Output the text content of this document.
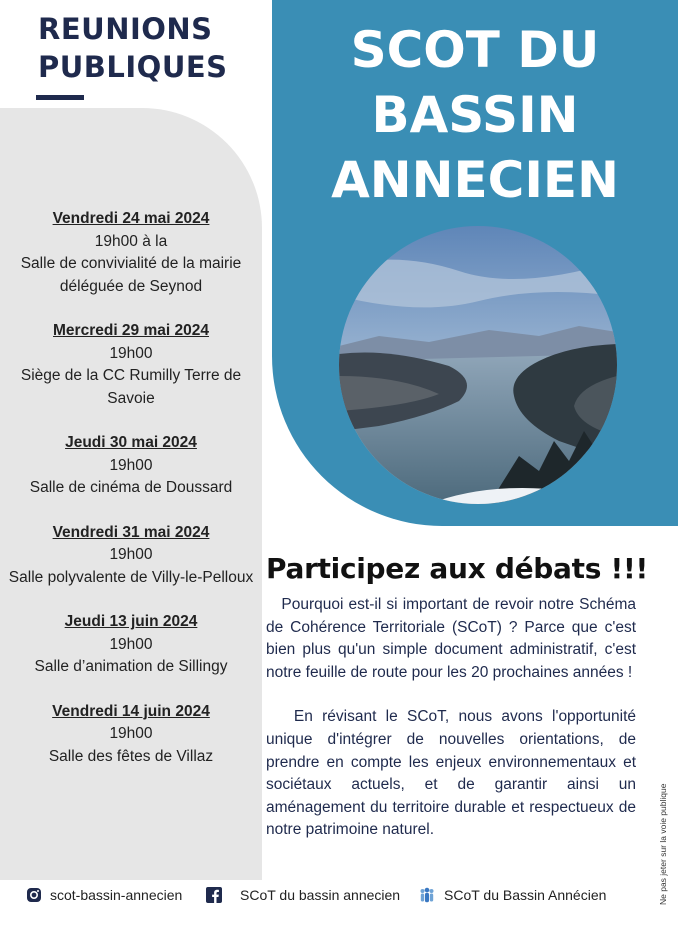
REUNIONS
PUBLIQUES	SCOT DU
BASSIN
ANNECIEN
Vendredi 24 mai 2024
19h00 à la
Salle de convivialité de la mairie déléguée de Seynod
Mercredi 29 mai 2024
19h00
Siège de la CC Rumilly Terre de Savoie
Jeudi 30 mai 2024
19h00
Salle de cinéma de Doussard
Vendredi 31 mai 2024
19h00
Salle polyvalente de Villy-le-Pelloux
Jeudi 13 juin 2024
19h00
Salle d’animation de Sillingy
Vendredi 14 juin 2024
19h00
Salle des fêtes de Villaz
Participez aux débats !!!

Pourquoi est-il si important de revoir notre Schéma de Cohérence Territoriale (SCoT) ? Parce que c'est bien plus qu'un simple document administratif, c'est notre feuille de route pour les 20 prochaines années !

En révisant le SCoT, nous avons l'opportunité unique d'intégrer de nouvelles orientations, de prendre en compte les enjeux environnementaux et sociétaux actuels, et de garantir ainsi un aménagement du territoire durable et respectueux de notre patrimoine naturel.	Ne pas jeter sur la voie publique
scot-bassin-annecien	SCoT du bassin annecien	SCoT du Bassin Annécien
